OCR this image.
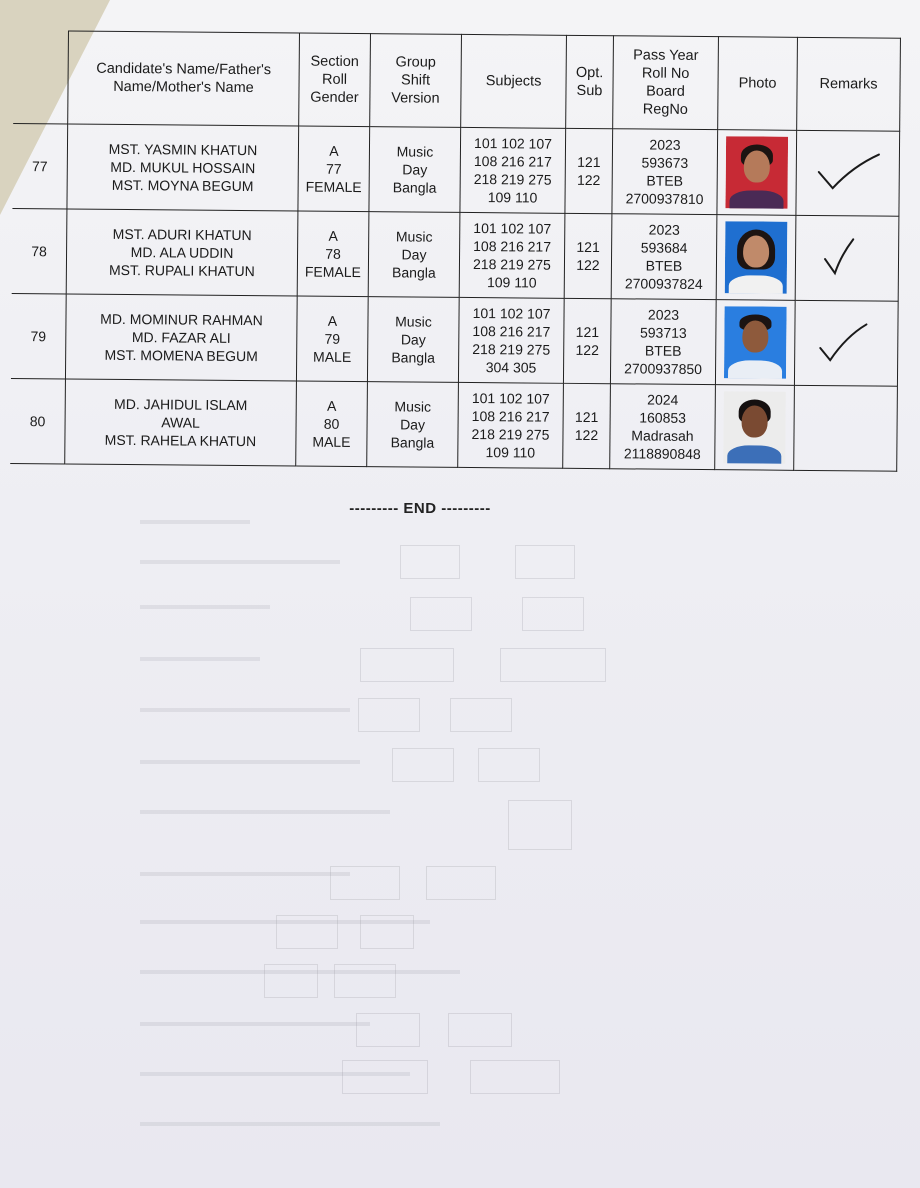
	Candidate's Name/Father's
Name/Mother's Name	Section
Roll
Gender	Group
Shift
Version	Subjects	Opt.
Sub	Pass Year
Roll No
Board
RegNo	Photo	Remarks
77	MST. YASMIN KHATUN
MD. MUKUL HOSSAIN
MST. MOYNA BEGUM	A
77
FEMALE	Music
Day
Bangla	101 102 107
108 216 217
218 219 275
109 110	121
122	2023
593673
BTEB
2700937810

78	MST. ADURI KHATUN
MD. ALA UDDIN
MST. RUPALI KHATUN	A
78
FEMALE	Music
Day
Bangla	101 102 107
108 216 217
218 219 275
109 110	121
122	2023
593684
BTEB
2700937824

79	MD. MOMINUR RAHMAN
MD. FAZAR ALI
MST. MOMENA BEGUM	A
79
MALE	Music
Day
Bangla	101 102 107
108 216 217
218 219 275
304 305	121
122	2023
593713
BTEB
2700937850

80	MD. JAHIDUL ISLAM
AWAL
MST. RAHELA KHATUN	A
80
MALE	Music
Day
Bangla	101 102 107
108 216 217
218 219 275
109 110	121
122	2024
160853
Madrasah
2118890848		

--------- END ---------
